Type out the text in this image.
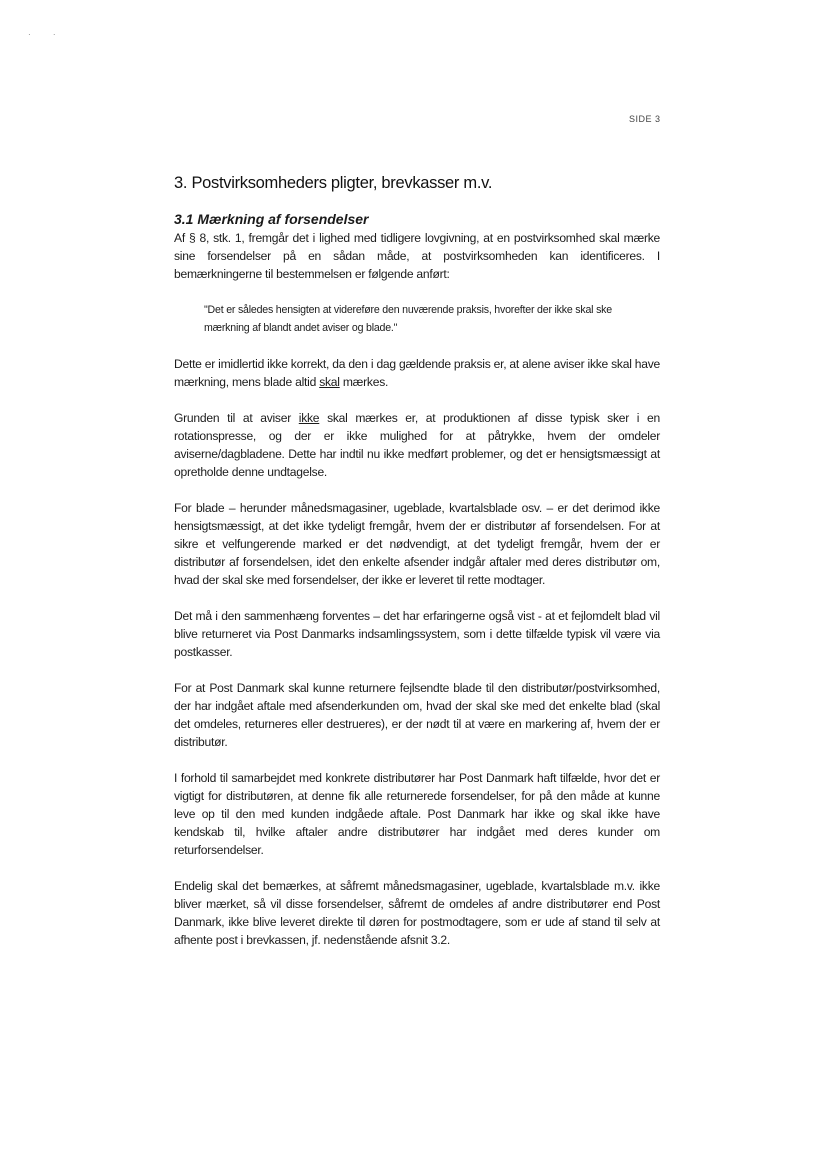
· ·
SIDE 3
3. Postvirksomheders pligter, brevkasser m.v.
3.1 Mærkning af forsendelser

Af § 8, stk. 1, fremgår det i lighed med tidligere lovgivning, at en postvirksomhed skal mærke sine forsendelser på en sådan måde, at postvirksomheden kan identificeres. I bemærkningerne til bestemmelsen er følgende anført:

"Det er således hensigten at videreføre den nuværende praksis, hvorefter der ikke skal ske mærkning af blandt andet aviser og blade."

Dette er imidlertid ikke korrekt, da den i dag gældende praksis er, at alene aviser ikke skal have mærkning, mens blade altid skal mærkes.

Grunden til at aviser ikke skal mærkes er, at produktionen af disse typisk sker i en rotationspresse, og der er ikke mulighed for at påtrykke, hvem der omdeler aviserne/dagbladene. Dette har indtil nu ikke medført problemer, og det er hensigtsmæssigt at opretholde denne undtagelse.

For blade – herunder månedsmagasiner, ugeblade, kvartalsblade osv. – er det derimod ikke hensigtsmæssigt, at det ikke tydeligt fremgår, hvem der er distributør af forsendelsen. For at sikre et velfungerende marked er det nødvendigt, at det tydeligt fremgår, hvem der er distributør af forsendelsen, idet den enkelte afsender indgår aftaler med deres distributør om, hvad der skal ske med forsendelser, der ikke er leveret til rette modtager.

Det må i den sammenhæng forventes – det har erfaringerne også vist - at et fejlomdelt blad vil blive returneret via Post Danmarks indsamlingssystem, som i dette tilfælde typisk vil være via postkasser.

For at Post Danmark skal kunne returnere fejlsendte blade til den distributør/postvirksomhed, der har indgået aftale med afsenderkunden om, hvad der skal ske med det enkelte blad (skal det omdeles, returneres eller destrueres), er der nødt til at være en markering af, hvem der er distributør.

I forhold til samarbejdet med konkrete distributører har Post Danmark haft tilfælde, hvor det er vigtigt for distributøren, at denne fik alle returnerede forsendelser, for på den måde at kunne leve op til den med kunden indgåede aftale. Post Danmark har ikke og skal ikke have kendskab til, hvilke aftaler andre distributører har indgået med deres kunder om returforsendelser.

Endelig skal det bemærkes, at såfremt månedsmagasiner, ugeblade, kvartalsblade m.v. ikke bliver mærket, så vil disse forsendelser, såfremt de omdeles af andre distributører end Post Danmark, ikke blive leveret direkte til døren for postmodtagere, som er ude af stand til selv at afhente post i brevkassen, jf. nedenstående afsnit 3.2.
